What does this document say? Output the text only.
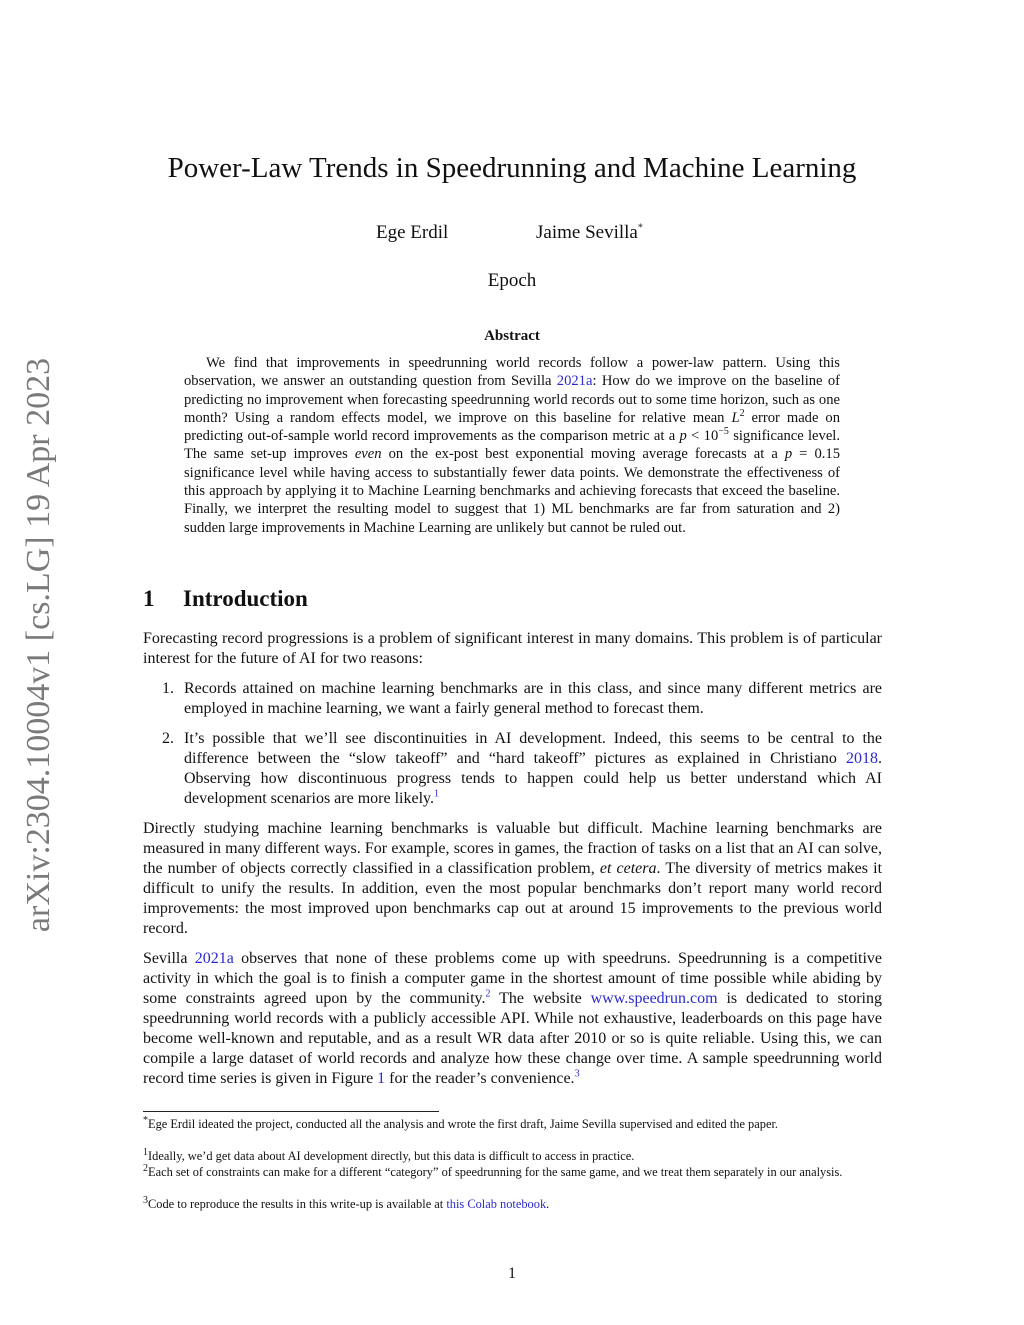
arXiv:2304.10004v1 [cs.LG] 19 Apr 2023
Power-Law Trends in Speedrunning and Machine Learning
Ege Erdil	Jaime Sevilla*
Epoch
Abstract
We find that improvements in speedrunning world records follow a power-law pattern. Using this observation, we answer an outstanding question from Sevilla 2021a: How do we improve on the baseline of predicting no improvement when forecasting speedrunning world records out to some time horizon, such as one month? Using a random effects model, we improve on this baseline for relative mean $L^2$ error made on predicting out-of-sample world record improvements as the comparison metric at a $p < 10^{-5}$ significance level. The same set-up improves even on the ex-post best exponential moving average forecasts at a p = 0.15 significance level while having access to substantially fewer data points. We demonstrate the effectiveness of this approach by applying it to Machine Learning benchmarks and achieving forecasts that exceed the baseline. Finally, we interpret the resulting model to suggest that 1) ML benchmarks are far from saturation and 2) sudden large improvements in Machine Learning are unlikely but cannot be ruled out.
1 Introduction
Forecasting record progressions is a problem of significant interest in many domains. This problem is of particular interest for the future of AI for two reasons:
1. Records attained on machine learning benchmarks are in this class, and since many different metrics are employed in machine learning, we want a fairly general method to forecast them.
2. It’s possible that we’ll see discontinuities in AI development. Indeed, this seems to be central to the difference between the “slow takeoff” and “hard takeoff” pictures as explained in Christiano 2018. Observing how discontinuous progress tends to happen could help us better understand which AI development scenarios are more likely.$^1$
Directly studying machine learning benchmarks is valuable but difficult. Machine learning benchmarks are measured in many different ways. For example, scores in games, the fraction of tasks on a list that an AI can solve, the number of objects correctly classified in a classification problem, et cetera. The diversity of metrics makes it difficult to unify the results. In addition, even the most popular benchmarks don’t report many world record improvements: the most improved upon benchmarks cap out at around 15 improvements to the previous world record.
Sevilla 2021a observes that none of these problems come up with speedruns. Speedrunning is a competitive activity in which the goal is to finish a computer game in the shortest amount of time possible while abiding by some constraints agreed upon by the community.$^2$ The website www.speedrun.com is dedicated to storing speedrunning world records with a publicly accessible API. While not exhaustive, leaderboards on this page have become well-known and reputable, and as a result WR data after 2010 or so is quite reliable. Using this, we can compile a large dataset of world records and analyze how these change over time. A sample speedrunning world record time series is given in Figure 1 for the reader’s convenience.$^3$
*Ege Erdil ideated the project, conducted all the analysis and wrote the first draft, Jaime Sevilla supervised and edited the paper.
$^1$Ideally, we’d get data about AI development directly, but this data is difficult to access in practice.
$^2$Each set of constraints can make for a different “category” of speedrunning for the same game, and we treat them separately in our analysis.
$^3$Code to reproduce the results in this write-up is available at this Colab notebook.
1
